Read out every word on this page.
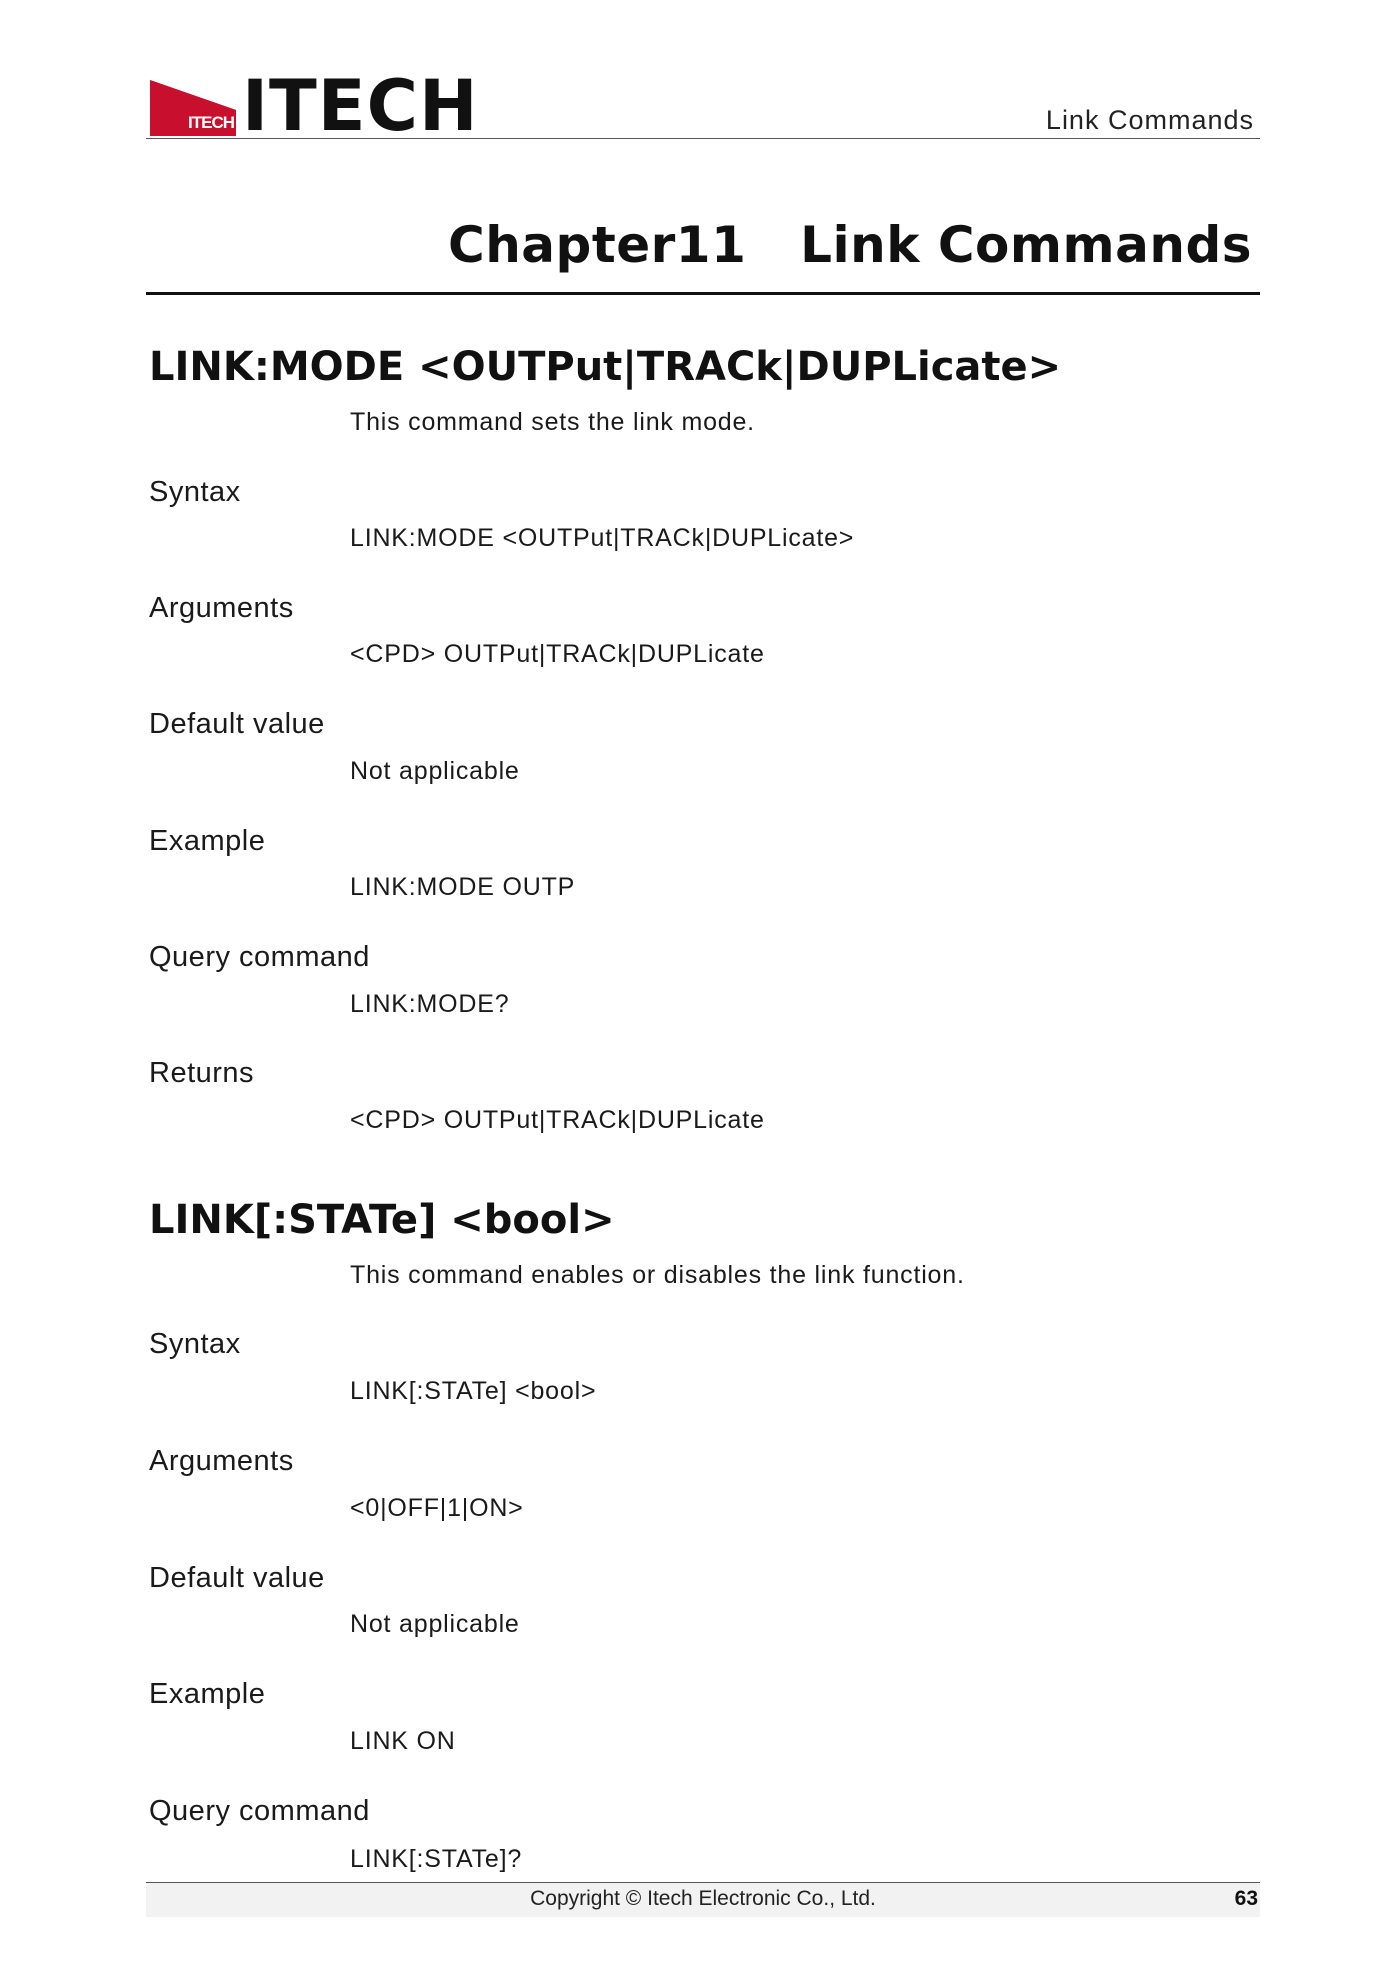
ITECH ITECH	Link Commands
Chapter11   Link Commands
LINK:MODE <OUTPut|TRACk|DUPLicate>
This command sets the link mode.
Syntax
LINK:MODE <OUTPut|TRACk|DUPLicate>
Arguments
<CPD> OUTPut|TRACk|DUPLicate
Default value
Not applicable
Example
LINK:MODE OUTP
Query command
LINK:MODE?
Returns
<CPD> OUTPut|TRACk|DUPLicate
LINK[:STATe] <bool>
This command enables or disables the link function.
Syntax
LINK[:STATe] <bool>
Arguments
<0|OFF|1|ON>
Default value
Not applicable
Example
LINK ON
Query command
LINK[:STATe]?
Copyright © Itech Electronic Co., Ltd.	63
